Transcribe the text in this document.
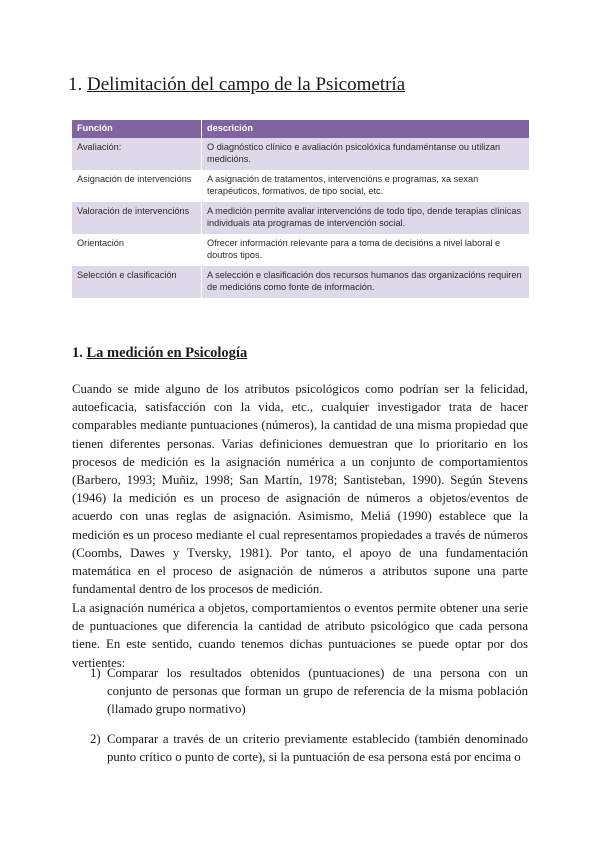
1. Delimitación del campo de la Psicometría
Función	descrición
Avaliación:	O diagnóstico clínico e avaliación psicolóxica fundaméntanse ou utilizan medicións.
Asignación de intervencións	A asignación de tratamentos, intervencións e programas, xa sexan terapéuticos, formativos, de tipo social, etc.
Valoración de intervencións	A medición permite avaliar intervencións de todo tipo, dende terapias clínicas individuais ata programas de intervención social.
Orientación	Ofrecer información relevante para a toma de decisións a nivel laboral e doutros tipos.
Selección e clasificación	A selección e clasificación dos recursos humanos das organizacións requiren de medicións como fonte de información.
1. La medición en Psicología

Cuando se mide alguno de los atributos psicológicos como podrían ser la felicidad, autoeficacia, satisfacción con la vida, etc., cualquier investigador trata de hacer comparables mediante puntuaciones (números), la cantidad de una misma propiedad que tienen diferentes personas. Varias definiciones demuestran que lo prioritario en los procesos de medición es la asignación numérica a un conjunto de comportamientos (Barbero, 1993; Muñiz, 1998; San Martín, 1978; Santisteban, 1990). Según Stevens (1946) la medición es un proceso de asignación de números a objetos/eventos de acuerdo con unas reglas de asignación. Asimismo, Meliá (1990) establece que la medición es un proceso mediante el cual representamos propiedades a través de números (Coombs, Dawes y Tversky, 1981). Por tanto, el apoyo de una fundamentación matemática en el proceso de asignación de números a atributos supone una parte fundamental dentro de los procesos de medición.

La asignación numérica a objetos, comportamientos o eventos permite obtener una serie de puntuaciones que diferencia la cantidad de atributo psicológico que cada persona tiene. En este sentido, cuando tenemos dichas puntuaciones se puede optar por dos vertientes:

1) Comparar los resultados obtenidos (puntuaciones) de una persona con un conjunto de personas que forman un grupo de referencia de la misma población (llamado grupo normativo)
2) Comparar a través de un criterio previamente establecido (también denominado punto crítico o punto de corte), si la puntuación de esa persona está por encima o
